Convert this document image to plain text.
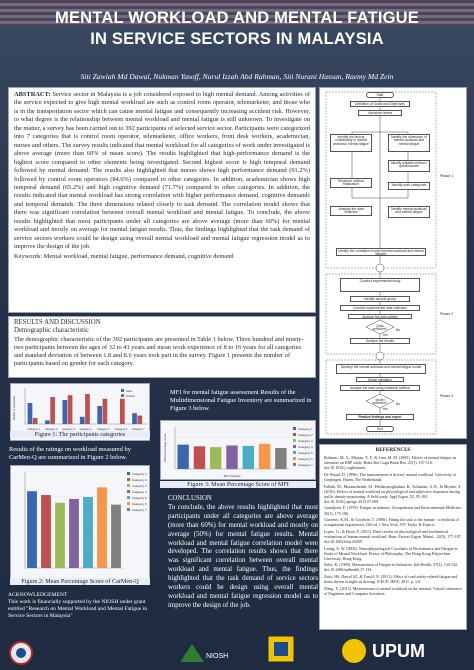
MENTAL WORKLOAD AND MENTAL FATIGUE
IN SERVICE SECTORS IN MALAYSIA
Siti Zawiah Md Dawal, Nukman Yusoff, Nurul Izzah Abd Rahman, Siti Nurani Hassan, Raemy Md Zein
ABSTRACT: Service sector in Malaysia is a job considered exposed to high mental demand. Among activities of the service expected to give high mental workload are such as control room operator, telemarketer, and those who is in the transportation sector which can cause mental fatigue and consequently increasing accident risk. However, to what degree is the relationship between mental workload and mental fatigue is still unknown. To investigate on the matter, a survey has been carried out to 392 participants of selected service sector. Participants were categorized into 7 categories that is control room operator, telemarketer, office workers, front desk workers, academician, nurses and others. The survey results indicated that mental workload for all categories of work under investigated is above average (more than 60% of mean score). The results highlighted that high-performance demand is the highest score compared to other elements being investigated. Second highest score is high temporal demand followed by mental demand. The results also highlighted that nurses shows high performance demand (91.2%) followed by control room operators (84.6%) compared to other categories. In addition, academician shows high temporal demand (65.2%) and high cognitive demand (71.7%) compared to other categories. In addition, the results indicated that mental workload has strong correlation with higher performance demand, cognitive demands and temporal demands. The three dimensions related closely to task demand. The correlation model shows that there was significant correlation between overall mental workload and mental fatigue. To conclude, the above results highlighted that most participants under all categories are above average (more than 60%) for mental workload and mostly on average for mental fatigue results. Thus, the findings highlighted that the task demand of service sectors workers could be design using overall mental workload and mental fatigue regression model as to improve the design of the job.
Keywords: Mental workload, mental fatigue, performance demand, cognitive demand
RESULTS AND DISCUSSION
Demographic characteristic
The demographic characteristic of the 392 participants are presented in Table 1 below. Three hundred and ninety-two participants between the ages of 32 to 41 years and mean work experience of 8 to 16 years for all categories and standard deviation of between 1.8 and 8.6 years took part in the survey. Figure 1 presents the number of participants based on gender for each category.
Start
Definition of Goals and Objectives
Literature review
Identify the factors contributing to mental workload, mental fatigue
Identify the dimension of mental workload and mental fatigue
Identify suitable method / questionnaire
Research method finalization	Identify work categories
Analysis the data collected
Identify mental workload and mental fatigue
Identify the correlation model (mental workload and mental fatigue)
Conduct experimental study
Identify sample group
Conduct experimental data collection
Analyse the data validity
Data sufficient?
Analyse the results
Develop the mental workload and mental fatigue model
Model validation
Analyse the data using statistical method
Model sufficient?
Finalize findings and report
End
No
Yes
No
Yes
Phase 1
Phase 2
Phase 3
REFERENCES
Bohanec, M. A., Mejean, Y. F., & Lam, M. M. (2005). Effects of mental fatigue on attention: an ERP study. Brain Res Cogn Brain Res, 25(1), 107-116. doi:10.1016/j.cogbrainres.
De Waard, D. (1996). The measurement of drivers' mental workload. University of Groningen, Haren, The Netherlands.
Fallahi, M., Motamedzade, M., Heidarimoghadam, R., Soltanian, A. R., & Miyake, S. (2016). Effects of mental workload on physiological and subjective responses during traffic density monitoring: A field study. Appl Ergon, 52, 95-103. doi:10.1016/j.apergo.2015.07.009.
Grandjean, E. (1979). Fatigue in industry. Occupational and Environmental Medicine, 36(3), 175-186.
Guerrero, K.M., & Goodwin, T. (1986). Fitting the task to the human - a textbook of occupational ergonomics, (5th ed.). New York, NY: Taylor & Francis.
Lopez, G., & Hoon, P. (2011). Brief review on physiological and biochemical evaluations of human mental workload. Hum. Factors Ergon. Manuf., 22(3), 177-187. doi:10.1002/hfm.20269.
Leung, A. W. (2004). Neurophysiological Correlates of Performance and Fatigue in Study of Mental Workload. Doctor of Philosophy, The Hong Kong Polytechnic University, Hong Kong.
Sales, K. (1999). Measurement of Fatigue in Industries. Ind Health, 37(2), 134-142. doi:10.2486/indhealth.37.134.
Zeitz, HS, Dawal SZ, & Yusoff, N. (2011). Effect of road safety-related fatigue and hours driven at night on driving. ICECE, IEEE; 2011. p. 1-6.
Wang, X. (2013). Measurement of mental workload on the internal. VisionConference of Engineers and Computer Scientists.
Category 1 Category 2 Category 3 Category 4 Category 5 Category 6 Category 7
Number of participants
Male
Female
Figure 1: The participants categories
Results of the ratings on workload measured by CarMen-Q are summarized in Figure 2 below.
Category 1
Category 2
Category 3
Category 4
Category 5
Category 6
Category 7
Figure 2: Mean Percentage Score of CarMen-Q
ACKNOWLEDGEMENT
This work is financially supported by the NIOSH under grant entitled "Research on Mental Workload and Mental Fatigue in Service Sectors in Malaysia"
MFI for mental fatigue assessment Results of the Multidimensional Fatigue Inventory are summarized in Figure 3 below.
Category 1
Category 2
Category 3
Category 4
Category 5
Category 6
Category 7
MFI elements
Mean Percentage Score
Figure 3: Mean Percentage Score of MFI
CONCLUSION
To conclude, the above results highlighted that most participants under all categories are above average (more than 60%) for mental workload and mostly on average (50%) for mental fatigue results. Mental workload and mental fatigue correlation model were developed. The correlation results shows that there was significant correlation between overall mental workload and mental fatigue. Thus, the findings highlighted that the task demand of service sectors workers could be design using overall mental workload and mental fatigue regression model as to improve the design of the job.
NIOSH	UPUM
